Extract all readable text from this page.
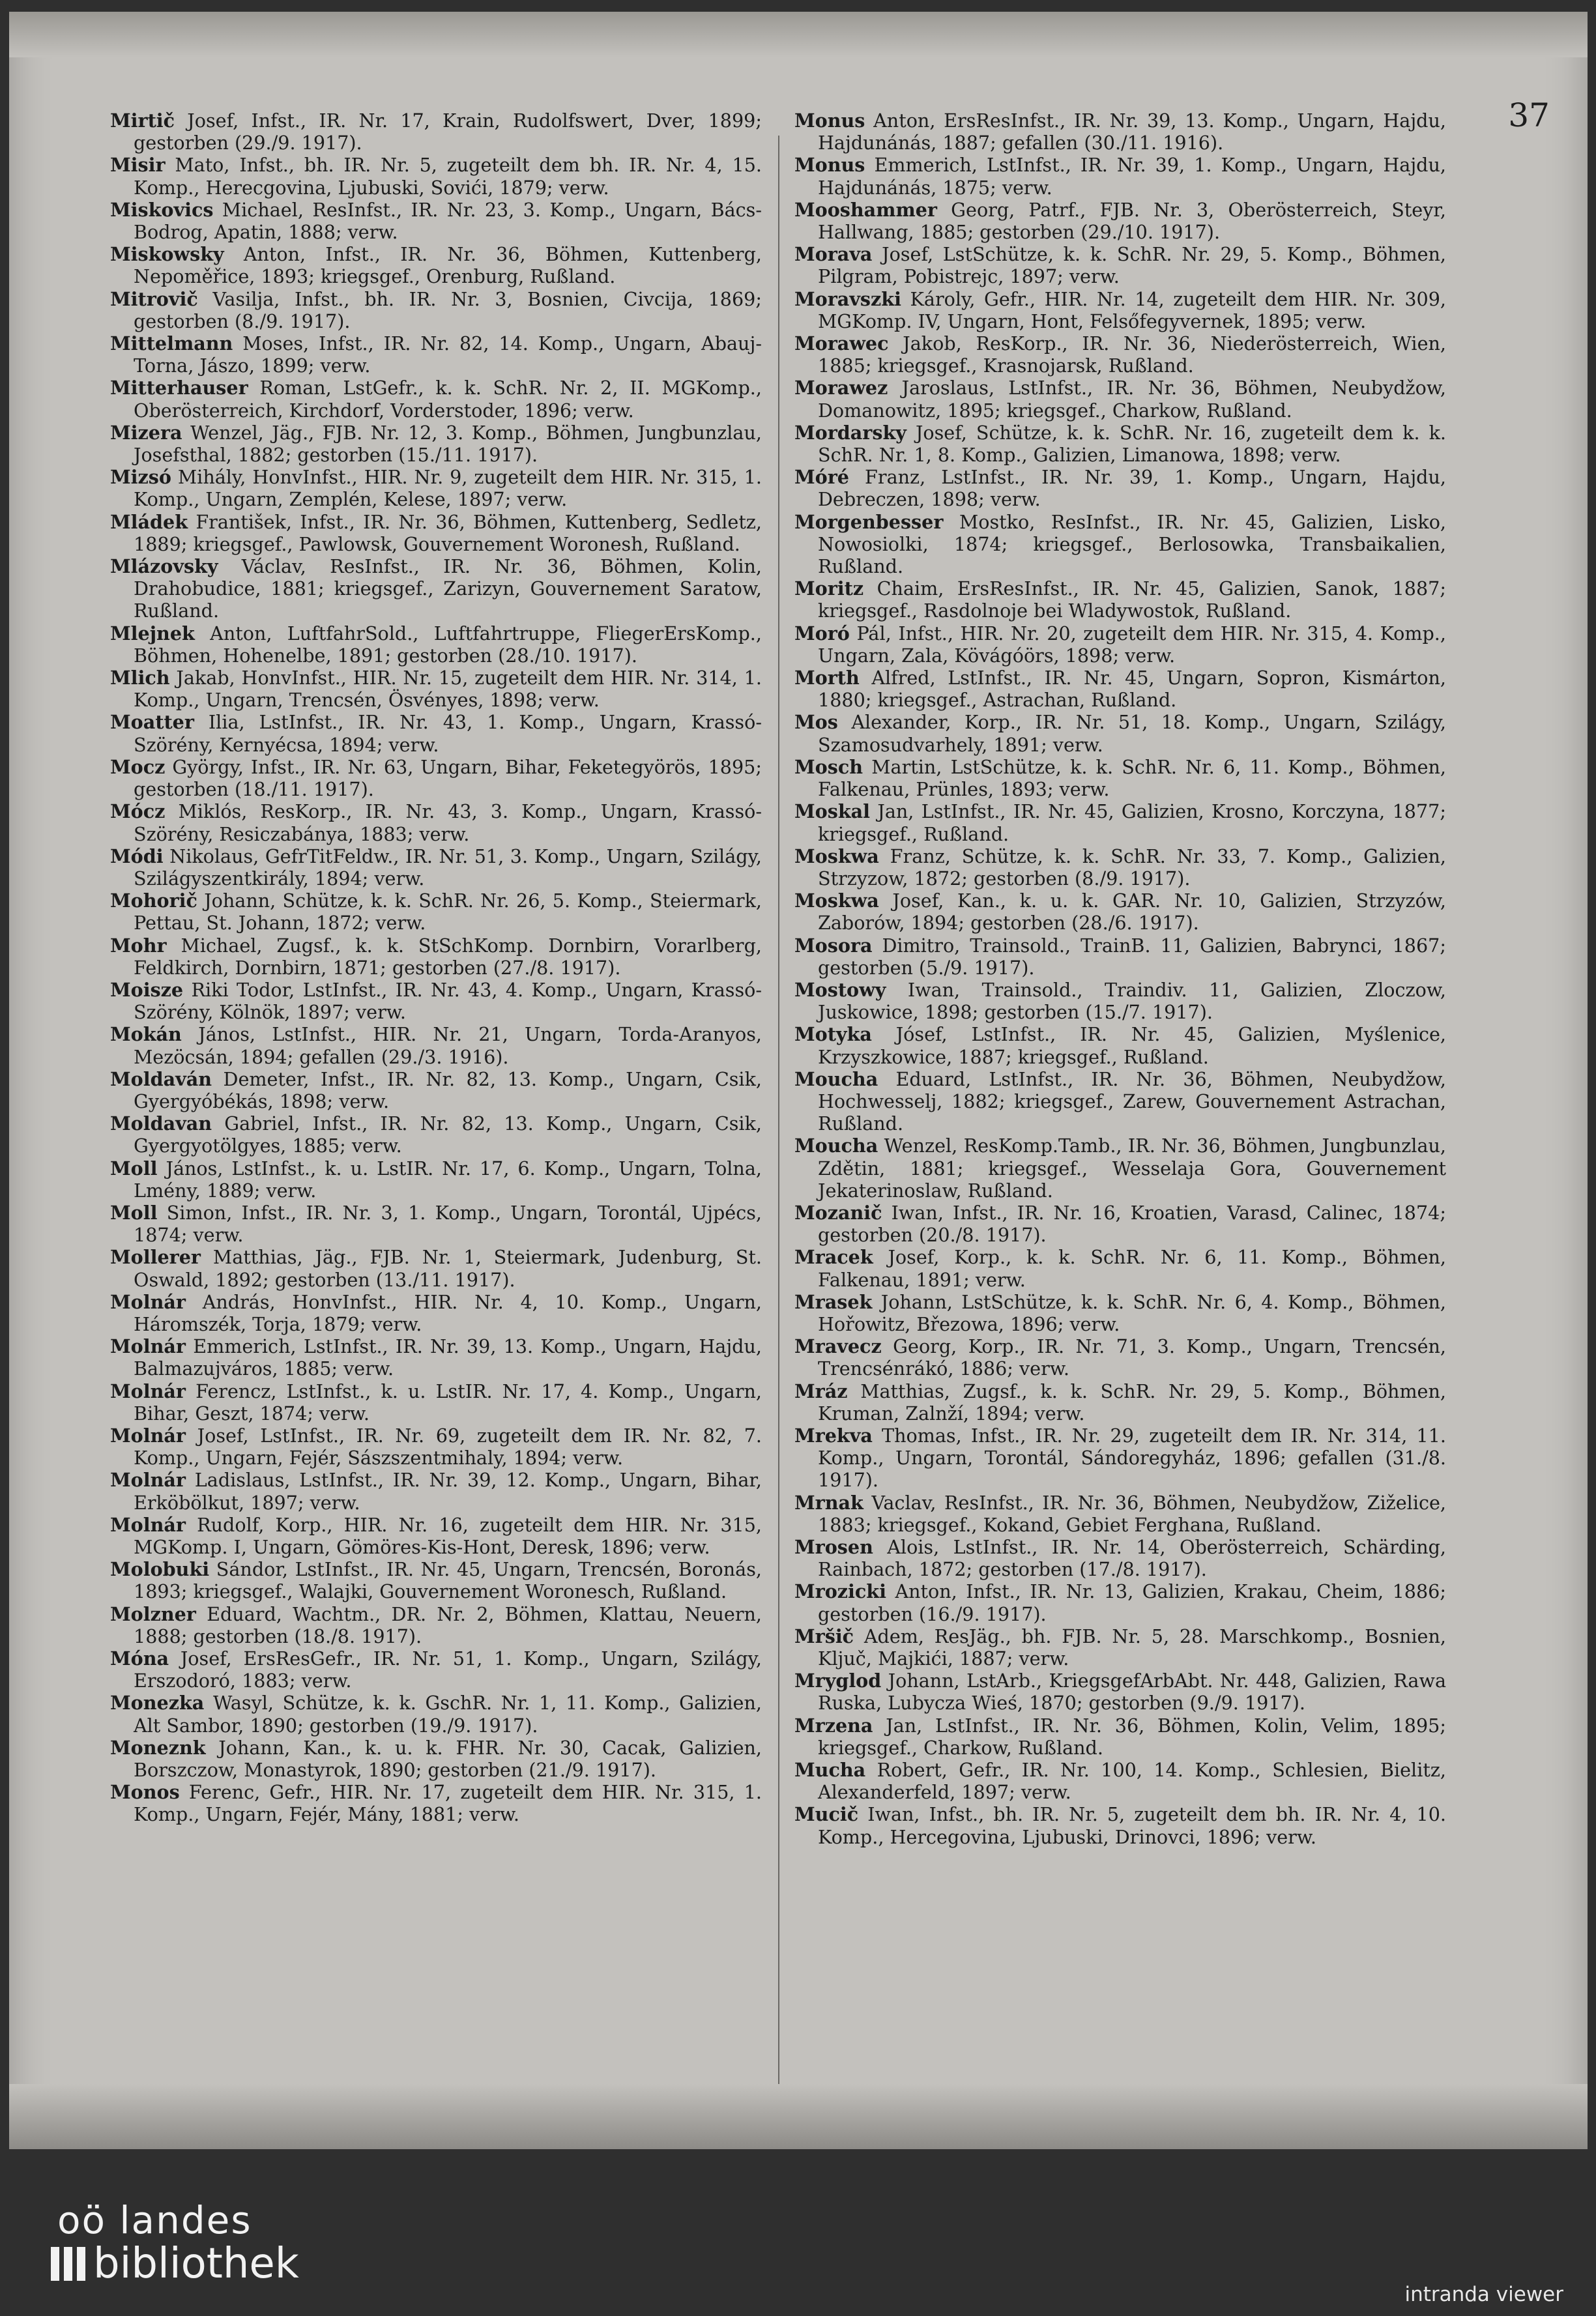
37

Mirtič Josef, Infst., IR. Nr. 17, Krain, Rudolfswert, Dver, 1899; gestorben (29./9. 1917).

Misir Mato, Infst., bh. IR. Nr. 5, zugeteilt dem bh. IR. Nr. 4, 15. Komp., Herecgovina, Ljubuski, Sovići, 1879; verw.

Miskovics Michael, ResInfst., IR. Nr. 23, 3. Komp., Ungarn, Bács-Bodrog, Apatin, 1888; verw.

Miskowsky Anton, Infst., IR. Nr. 36, Böhmen, Kuttenberg, Nepoměřice, 1893; kriegsgef., Orenburg, Rußland.

Mitrovič Vasilja, Infst., bh. IR. Nr. 3, Bosnien, Civcija, 1869; gestorben (8./9. 1917).

Mittelmann Moses, Infst., IR. Nr. 82, 14. Komp., Ungarn, Abauj-Torna, Jászo, 1899; verw.

Mitterhauser Roman, LstGefr., k. k. SchR. Nr. 2, II. MGKomp., Oberösterreich, Kirchdorf, Vorderstoder, 1896; verw.

Mizera Wenzel, Jäg., FJB. Nr. 12, 3. Komp., Böhmen, Jungbunzlau, Josefsthal, 1882; gestorben (15./11. 1917).

Mizsó Mihály, HonvInfst., HIR. Nr. 9, zugeteilt dem HIR. Nr. 315, 1. Komp., Ungarn, Zemplén, Kelese, 1897; verw.

Mládek František, Infst., IR. Nr. 36, Böhmen, Kuttenberg, Sedletz, 1889; kriegsgef., Pawlowsk, Gouvernement Woronesh, Rußland.

Mlázovsky Václav, ResInfst., IR. Nr. 36, Böhmen, Kolin, Drahobudice, 1881; kriegsgef., Zarizyn, Gouvernement Saratow, Rußland.

Mlejnek Anton, LuftfahrSold., Luftfahrtruppe, FliegerErsKomp., Böhmen, Hohenelbe, 1891; gestorben (28./10. 1917).

Mlich Jakab, HonvInfst., HIR. Nr. 15, zugeteilt dem HIR. Nr. 314, 1. Komp., Ungarn, Trencsén, Ösvényes, 1898; verw.

Moatter Ilia, LstInfst., IR. Nr. 43, 1. Komp., Ungarn, Krassó-Szörény, Kernyécsa, 1894; verw.

Mocz György, Infst., IR. Nr. 63, Ungarn, Bihar, Feketegyörös, 1895; gestorben (18./11. 1917).

Mócz Miklós, ResKorp., IR. Nr. 43, 3. Komp., Ungarn, Krassó-Szörény, Resiczabánya, 1883; verw.

Módi Nikolaus, GefrTitFeldw., IR. Nr. 51, 3. Komp., Ungarn, Szilágy, Szilágyszentkirály, 1894; verw.

Mohorič Johann, Schütze, k. k. SchR. Nr. 26, 5. Komp., Steiermark, Pettau, St. Johann, 1872; verw.

Mohr Michael, Zugsf., k. k. StSchKomp. Dornbirn, Vorarlberg, Feldkirch, Dornbirn, 1871; gestorben (27./8. 1917).

Moisze Riki Todor, LstInfst., IR. Nr. 43, 4. Komp., Ungarn, Krassó-Szörény, Kölnök, 1897; verw.

Mokán János, LstInfst., HIR. Nr. 21, Ungarn, Torda-Aranyos, Mezöcsán, 1894; gefallen (29./3. 1916).

Moldaván Demeter, Infst., IR. Nr. 82, 13. Komp., Ungarn, Csik, Gyergyóbékás, 1898; verw.

Moldavan Gabriel, Infst., IR. Nr. 82, 13. Komp., Ungarn, Csik, Gyergyotölgyes, 1885; verw.

Moll János, LstInfst., k. u. LstIR. Nr. 17, 6. Komp., Ungarn, Tolna, Lmény, 1889; verw.

Moll Simon, Infst., IR. Nr. 3, 1. Komp., Ungarn, Torontál, Ujpécs, 1874; verw.

Mollerer Matthias, Jäg., FJB. Nr. 1, Steiermark, Judenburg, St. Oswald, 1892; gestorben (13./11. 1917).

Molnár András, HonvInfst., HIR. Nr. 4, 10. Komp., Ungarn, Háromszék, Torja, 1879; verw.

Molnár Emmerich, LstInfst., IR. Nr. 39, 13. Komp., Ungarn, Hajdu, Balmazujváros, 1885; verw.

Molnár Ferencz, LstInfst., k. u. LstIR. Nr. 17, 4. Komp., Ungarn, Bihar, Geszt, 1874; verw.

Molnár Josef, LstInfst., IR. Nr. 69, zugeteilt dem IR. Nr. 82, 7. Komp., Ungarn, Fejér, Sászszentmihaly, 1894; verw.

Molnár Ladislaus, LstInfst., IR. Nr. 39, 12. Komp., Ungarn, Bihar, Erköbölkut, 1897; verw.

Molnár Rudolf, Korp., HIR. Nr. 16, zugeteilt dem HIR. Nr. 315, MGKomp. I, Ungarn, Gömöres-Kis-Hont, Deresk, 1896; verw.

Molobuki Sándor, LstInfst., IR. Nr. 45, Ungarn, Trencsén, Boronás, 1893; kriegsgef., Walajki, Gouvernement Woronesch, Rußland.

Molzner Eduard, Wachtm., DR. Nr. 2, Böhmen, Klattau, Neuern, 1888; gestorben (18./8. 1917).

Móna Josef, ErsResGefr., IR. Nr. 51, 1. Komp., Ungarn, Szilágy, Erszodoró, 1883; verw.

Monezka Wasyl, Schütze, k. k. GschR. Nr. 1, 11. Komp., Galizien, Alt Sambor, 1890; gestorben (19./9. 1917).

Moneznk Johann, Kan., k. u. k. FHR. Nr. 30, Cacak, Galizien, Borszczow, Monastyrok, 1890; gestorben (21./9. 1917).

Monos Ferenc, Gefr., HIR. Nr. 17, zugeteilt dem HIR. Nr. 315, 1. Komp., Ungarn, Fejér, Mány, 1881; verw.

Monus Anton, ErsResInfst., IR. Nr. 39, 13. Komp., Ungarn, Hajdu, Hajdunánás, 1887; gefallen (30./11. 1916).

Monus Emmerich, LstInfst., IR. Nr. 39, 1. Komp., Ungarn, Hajdu, Hajdunánás, 1875; verw.

Mooshammer Georg, Patrf., FJB. Nr. 3, Oberösterreich, Steyr, Hallwang, 1885; gestorben (29./10. 1917).

Morava Josef, LstSchütze, k. k. SchR. Nr. 29, 5. Komp., Böhmen, Pilgram, Pobistrejc, 1897; verw.

Moravszki Károly, Gefr., HIR. Nr. 14, zugeteilt dem HIR. Nr. 309, MGKomp. IV, Ungarn, Hont, Felsőfegyvernek, 1895; verw.

Morawec Jakob, ResKorp., IR. Nr. 36, Niederösterreich, Wien, 1885; kriegsgef., Krasnojarsk, Rußland.

Morawez Jaroslaus, LstInfst., IR. Nr. 36, Böhmen, Neubydžow, Domanowitz, 1895; kriegsgef., Charkow, Rußland.

Mordarsky Josef, Schütze, k. k. SchR. Nr. 16, zugeteilt dem k. k. SchR. Nr. 1, 8. Komp., Galizien, Limanowa, 1898; verw.

Móré Franz, LstInfst., IR. Nr. 39, 1. Komp., Ungarn, Hajdu, Debreczen, 1898; verw.

Morgenbesser Mostko, ResInfst., IR. Nr. 45, Galizien, Lisko, Nowosiolki, 1874; kriegsgef., Berlosowka, Transbaikalien, Rußland.

Moritz Chaim, ErsResInfst., IR. Nr. 45, Galizien, Sanok, 1887; kriegsgef., Rasdolnoje bei Wladywostok, Rußland.

Moró Pál, Infst., HIR. Nr. 20, zugeteilt dem HIR. Nr. 315, 4. Komp., Ungarn, Zala, Kövágóörs, 1898; verw.

Morth Alfred, LstInfst., IR. Nr. 45, Ungarn, Sopron, Kismárton, 1880; kriegsgef., Astrachan, Rußland.

Mos Alexander, Korp., IR. Nr. 51, 18. Komp., Ungarn, Szilágy, Szamosudvarhely, 1891; verw.

Mosch Martin, LstSchütze, k. k. SchR. Nr. 6, 11. Komp., Böhmen, Falkenau, Prünles, 1893; verw.

Moskal Jan, LstInfst., IR. Nr. 45, Galizien, Krosno, Korczyna, 1877; kriegsgef., Rußland.

Moskwa Franz, Schütze, k. k. SchR. Nr. 33, 7. Komp., Galizien, Strzyzow, 1872; gestorben (8./9. 1917).

Moskwa Josef, Kan., k. u. k. GAR. Nr. 10, Galizien, Strzyzów, Zaborów, 1894; gestorben (28./6. 1917).

Mosora Dimitro, Trainsold., TrainB. 11, Galizien, Babrynci, 1867; gestorben (5./9. 1917).

Mostowy Iwan, Trainsold., Traindiv. 11, Galizien, Zloczow, Juskowice, 1898; gestorben (15./7. 1917).

Motyka Jósef, LstInfst., IR. Nr. 45, Galizien, Myślenice, Krzyszkowice, 1887; kriegsgef., Rußland.

Moucha Eduard, LstInfst., IR. Nr. 36, Böhmen, Neubydžow, Hochwesselj, 1882; kriegsgef., Zarew, Gouvernement Astrachan, Rußland.

Moucha Wenzel, ResKomp.Tamb., IR. Nr. 36, Böhmen, Jungbunzlau, Zdětin, 1881; kriegsgef., Wesselaja Gora, Gouvernement Jekaterinoslaw, Rußland.

Mozanič Iwan, Infst., IR. Nr. 16, Kroatien, Varasd, Calinec, 1874; gestorben (20./8. 1917).

Mracek Josef, Korp., k. k. SchR. Nr. 6, 11. Komp., Böhmen, Falkenau, 1891; verw.

Mrasek Johann, LstSchütze, k. k. SchR. Nr. 6, 4. Komp., Böhmen, Hořowitz, Březowa, 1896; verw.

Mravecz Georg, Korp., IR. Nr. 71, 3. Komp., Ungarn, Trencsén, Trencsénrákó, 1886; verw.

Mráz Matthias, Zugsf., k. k. SchR. Nr. 29, 5. Komp., Böhmen, Kruman, Zalnží, 1894; verw.

Mrekva Thomas, Infst., IR. Nr. 29, zugeteilt dem IR. Nr. 314, 11. Komp., Ungarn, Torontál, Sándoregyház, 1896; gefallen (31./8. 1917).

Mrnak Vaclav, ResInfst., IR. Nr. 36, Böhmen, Neubydžow, Ziželice, 1883; kriegsgef., Kokand, Gebiet Ferghana, Rußland.

Mrosen Alois, LstInfst., IR. Nr. 14, Oberösterreich, Schärding, Rainbach, 1872; gestorben (17./8. 1917).

Mrozicki Anton, Infst., IR. Nr. 13, Galizien, Krakau, Cheim, 1886; gestorben (16./9. 1917).

Mršič Adem, ResJäg., bh. FJB. Nr. 5, 28. Marschkomp., Bosnien, Ključ, Majkići, 1887; verw.

Mryglod Johann, LstArb., KriegsgefArbAbt. Nr. 448, Galizien, Rawa Ruska, Lubycza Wieś, 1870; gestorben (9./9. 1917).

Mrzena Jan, LstInfst., IR. Nr. 36, Böhmen, Kolin, Velim, 1895; kriegsgef., Charkow, Rußland.

Mucha Robert, Gefr., IR. Nr. 100, 14. Komp., Schlesien, Bielitz, Alexanderfeld, 1897; verw.

Mucič Iwan, Infst., bh. IR. Nr. 5, zugeteilt dem bh. IR. Nr. 4, 10. Komp., Hercegovina, Ljubuski, Drinovci, 1896; verw.

oö landes
bibliothek
intranda viewer
